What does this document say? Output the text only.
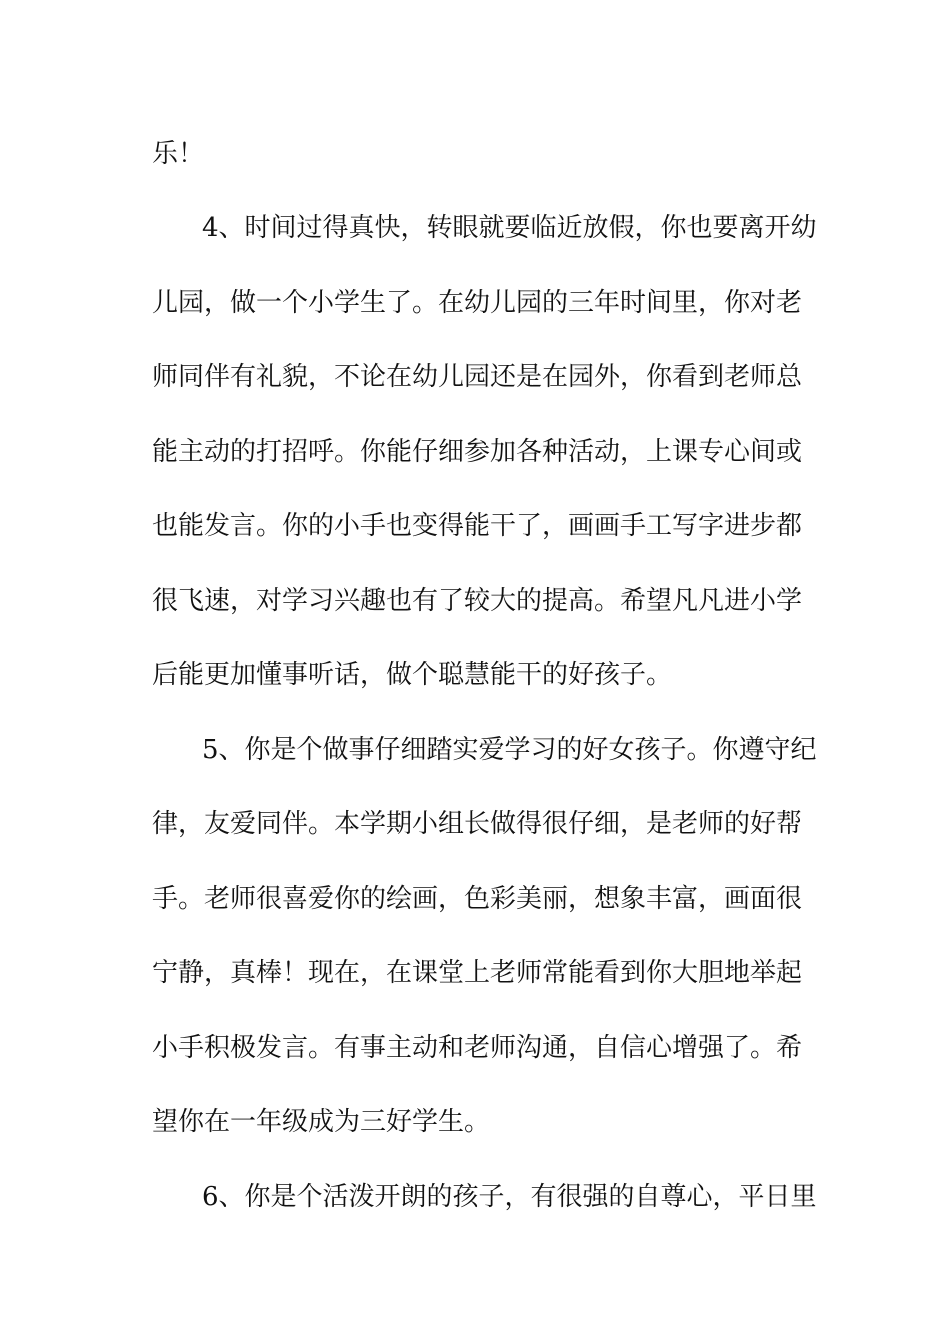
乐！
4、时间过得真快，转眼就要临近放假，你也要离开幼
儿园，做一个小学生了。在幼儿园的三年时间里，你对老
师同伴有礼貌，不论在幼儿园还是在园外，你看到老师总
能主动的打招呼。你能仔细参加各种活动，上课专心间或
也能发言。你的小手也变得能干了，画画手工写字进步都
很飞速，对学习兴趣也有了较大的提高。希望凡凡进小学
后能更加懂事听话，做个聪慧能干的好孩子。
5、你是个做事仔细踏实爱学习的好女孩子。你遵守纪
律，友爱同伴。本学期小组长做得很仔细，是老师的好帮
手。老师很喜爱你的绘画，色彩美丽，想象丰富，画面很
宁静，真棒！现在，在课堂上老师常能看到你大胆地举起
小手积极发言。有事主动和老师沟通，自信心增强了。希
望你在一年级成为三好学生。
6、你是个活泼开朗的孩子，有很强的自尊心，平日里
